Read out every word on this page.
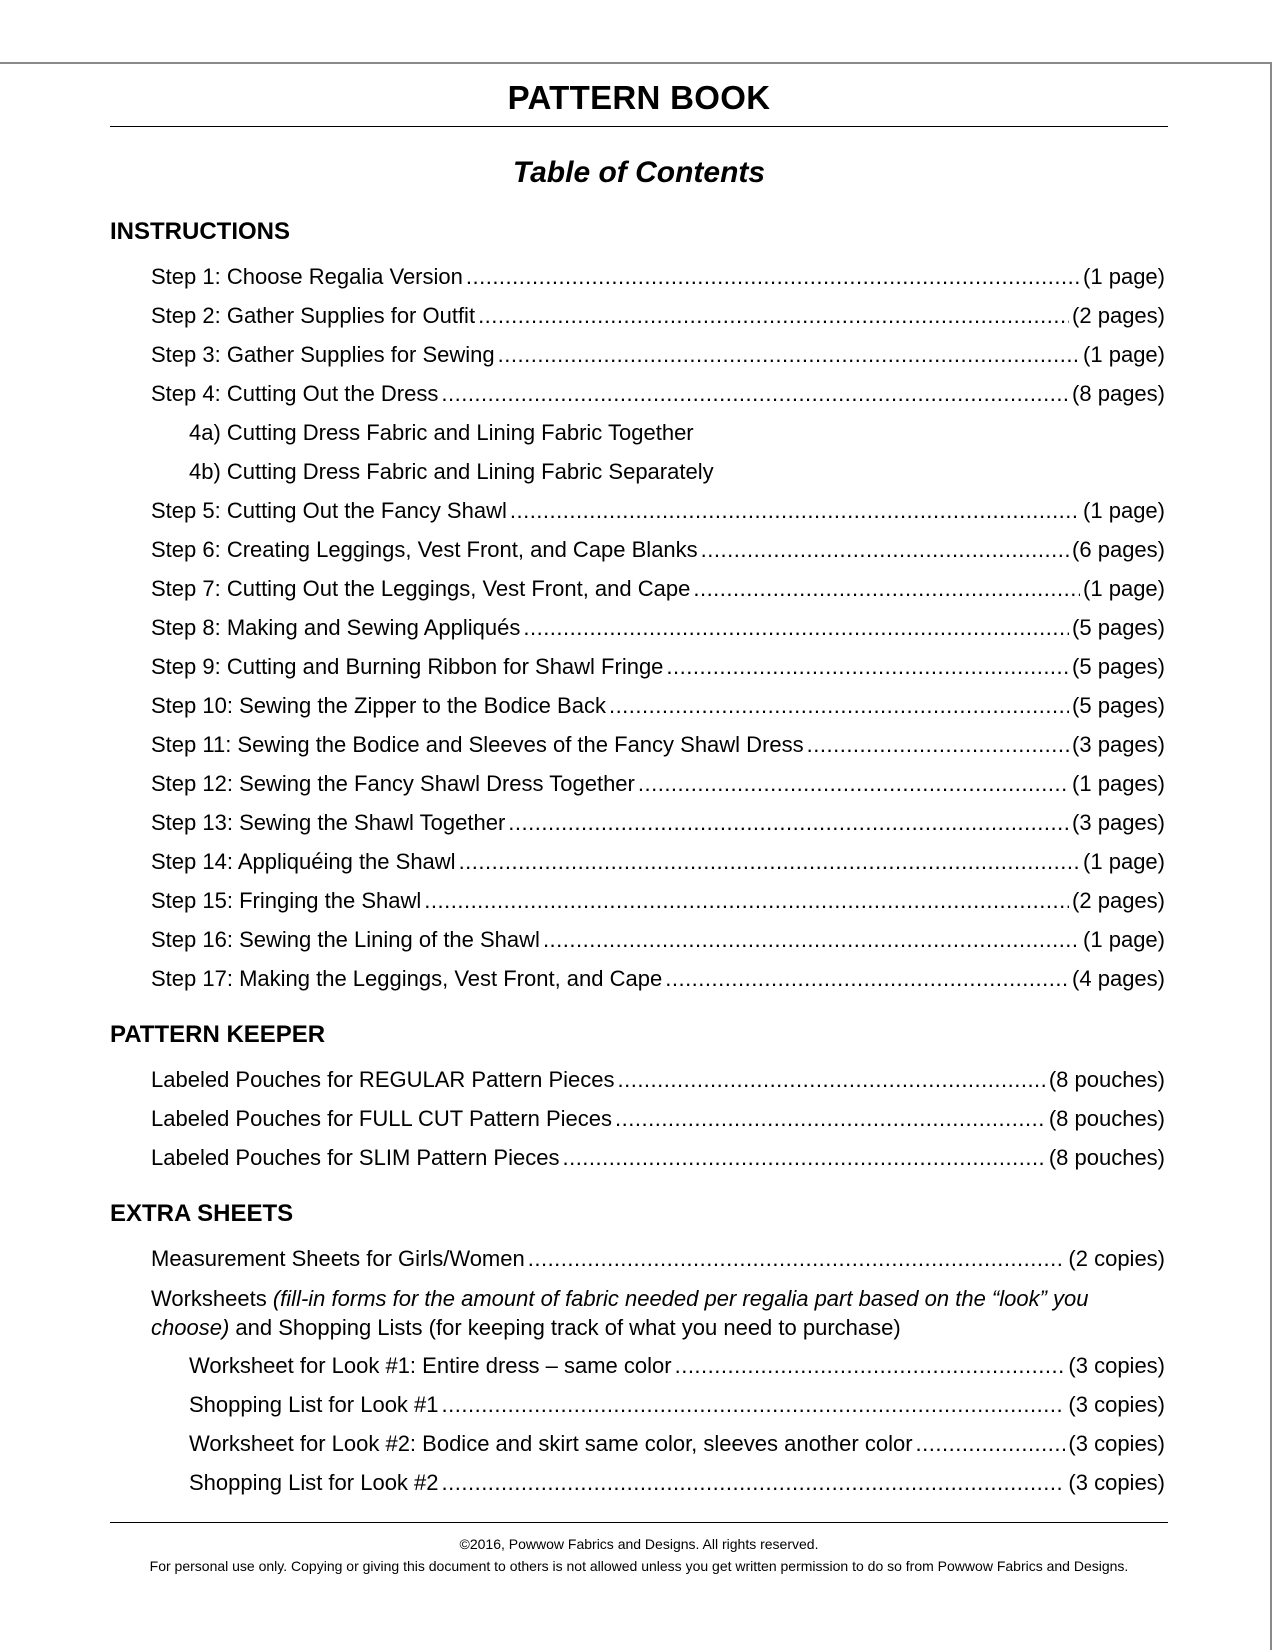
PATTERN BOOK
Table of Contents
INSTRUCTIONS
Step 1: Choose Regalia Version .....	(1 page)
Step 2: Gather Supplies for Outfit .....	(2 pages)
Step 3: Gather Supplies for Sewing .....	(1 page)
Step 4: Cutting Out the Dress .....	(8 pages)
4a) Cutting Dress Fabric and Lining Fabric Together
4b) Cutting Dress Fabric and Lining Fabric Separately
Step 5: Cutting Out the Fancy Shawl .....	(1 page)
Step 6: Creating Leggings, Vest Front, and Cape Blanks .....	(6 pages)
Step 7: Cutting Out the Leggings, Vest Front, and Cape .....	(1 page)
Step 8: Making and Sewing Appliqués .....	(5 pages)
Step 9: Cutting and Burning Ribbon for Shawl Fringe .....	(5 pages)
Step 10: Sewing the Zipper to the Bodice Back .....	(5 pages)
Step 11: Sewing the Bodice and Sleeves of the Fancy Shawl Dress .....	(3 pages)
Step 12: Sewing the Fancy Shawl Dress Together .....	(1 pages)
Step 13: Sewing the Shawl Together .....	(3 pages)
Step 14: Appliquéing the Shawl .....	(1 page)
Step 15: Fringing the Shawl .....	(2 pages)
Step 16: Sewing the Lining of the Shawl .....	(1 page)
Step 17: Making the Leggings, Vest Front, and Cape .....	(4 pages)
PATTERN KEEPER
Labeled Pouches for REGULAR Pattern Pieces .....	(8 pouches)
Labeled Pouches for FULL CUT Pattern Pieces .....	(8 pouches)
Labeled Pouches for SLIM Pattern Pieces .....	(8 pouches)
EXTRA SHEETS
Measurement Sheets for Girls/Women .....	(2 copies)
Worksheets (fill-in forms for the amount of fabric needed per regalia part based on the “look” you choose) and Shopping Lists (for keeping track of what you need to purchase)
Worksheet for Look #1: Entire dress – same color .....	(3 copies)
Shopping List for Look #1 .....	(3 copies)
Worksheet for Look #2: Bodice and skirt same color, sleeves another color .....	(3 copies)
Shopping List for Look #2 .....	(3 copies)
©2016, Powwow Fabrics and Designs. All rights reserved.
For personal use only. Copying or giving this document to others is not allowed unless you get written permission to do so from Powwow Fabrics and Designs.
